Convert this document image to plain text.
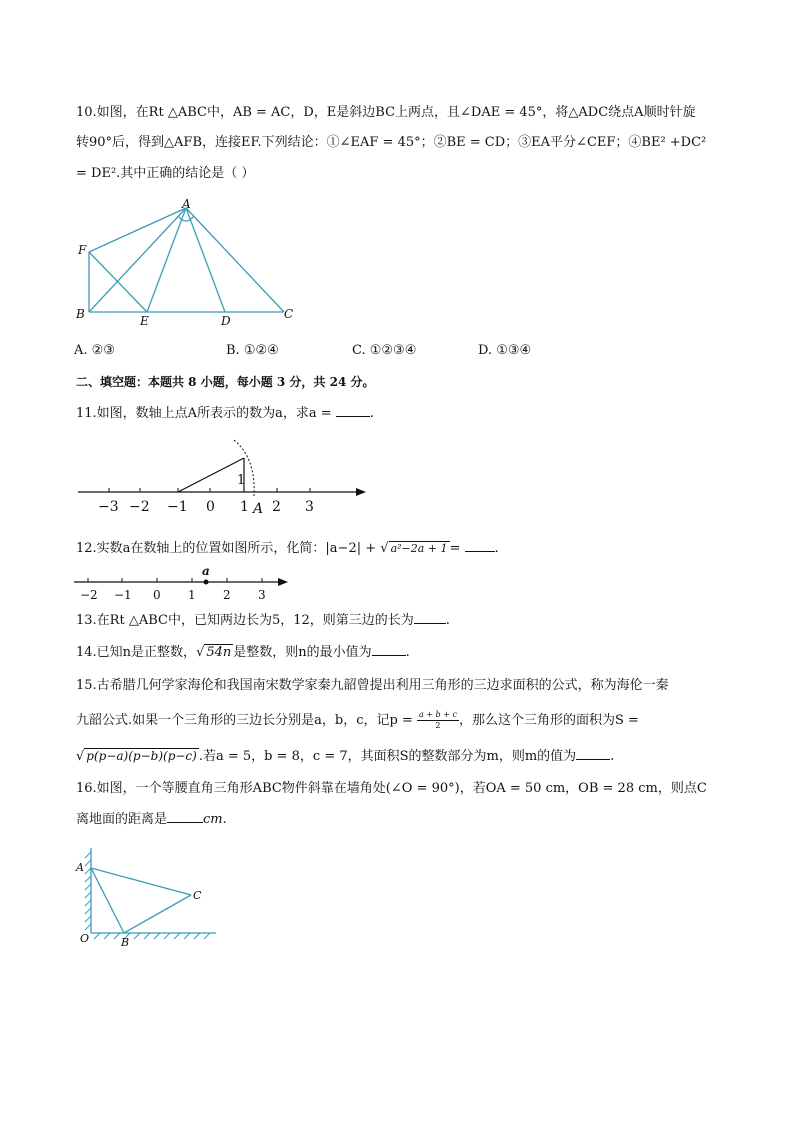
10.如图，在Rt △ABC中，AB = AC，D，E是斜边BC上两点，且∠DAE = 45°，将△ADC绕点A顺时针旋
转90°后，得到△AFB，连接EF.下列结论：①∠EAF = 45°；②BE = CD；③EA平分∠CEF；④BE² +DC²
= DE².其中正确的结论是（ ）
A
F
B	E	D	C
A. ②③	B. ①②④	C. ①②③④	D. ①③④
二、填空题：本题共 8 小题，每小题 3 分，共 24 分。
11.如图，数轴上点A所表示的数为a，求a =	.
1
−3 −2 −1 0 1 2 3
A
12.实数a在数轴上的位置如图所示，化简：|a−2| + √ a²−2a + 1 =	.
a
−2 −1 0 1 2 3
13.在Rt △ABC中，已知两边长为5，12，则第三边的长为 .
14.已知n是正整数，√ 54n 是整数，则n的最小值为	.
15.古希腊几何学家海伦和我国南宋数学家秦九韶曾提出利用三角形的三边求面积的公式，称为海伦一秦
九韶公式.如果一个三角形的三边长分别是a，b，c，记$p = \frac{a + b + c}{2}$ ，那么这个三角形的面积为S =
√ p(p−a)(p−b)(p−c) .若a = 5，b = 8，c = 7，其面积S的整数部分为m，则m的值为	.
16.如图，一个等腰直角三角形ABC物件斜靠在墙角处(∠O = 90°)，若OA = 50 cm，OB = 28 cm，则点C
离地面的距离是	cm.
A
O	B
C
